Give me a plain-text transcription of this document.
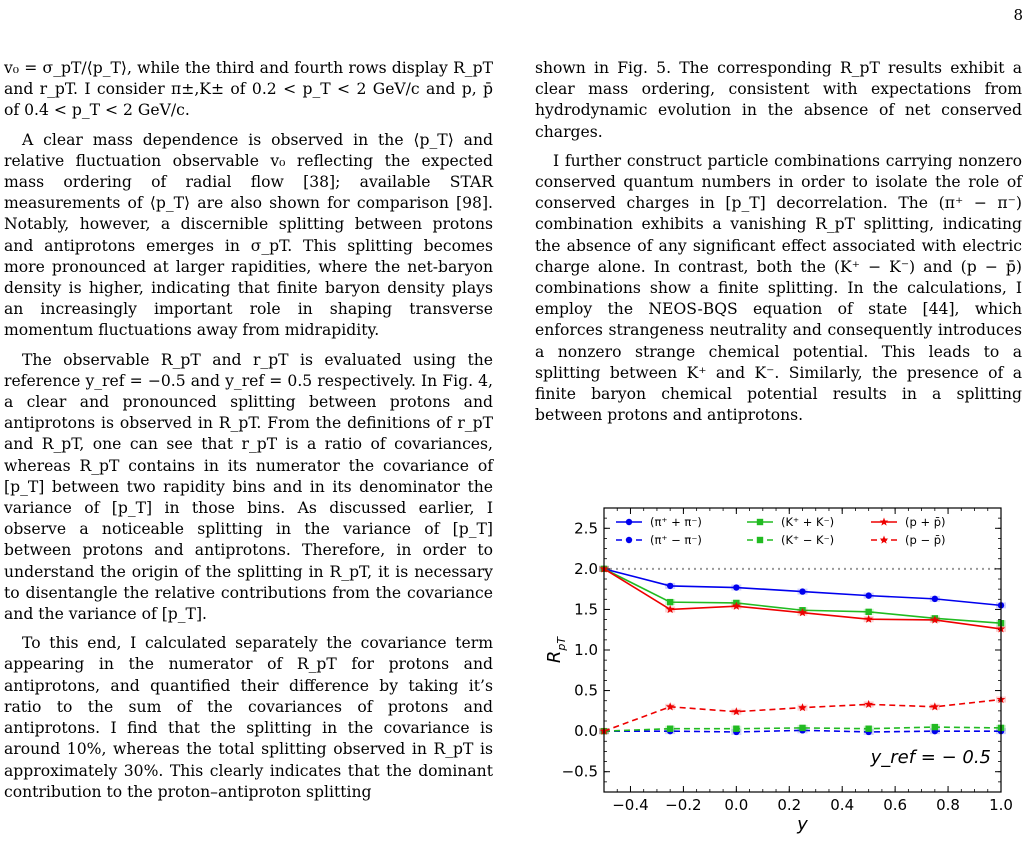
8

v₀ = σ_pT/⟨p_T⟩, while the third and fourth rows display R_pT and r_pT. I consider π±,K± of 0.2 < p_T < 2 GeV/c and p, p̄ of 0.4 < p_T < 2 GeV/c.

A clear mass dependence is observed in the ⟨p_T⟩ and relative fluctuation observable v₀ reflecting the expected mass ordering of radial flow [38]; available STAR measurements of ⟨p_T⟩ are also shown for comparison [98]. Notably, however, a discernible splitting between protons and antiprotons emerges in σ_pT. This splitting becomes more pronounced at larger rapidities, where the net-baryon density is higher, indicating that finite baryon density plays an increasingly important role in shaping transverse momentum fluctuations away from midrapidity.

The observable R_pT and r_pT is evaluated using the reference y_ref = −0.5 and y_ref = 0.5 respectively. In Fig. 4, a clear and pronounced splitting between protons and antiprotons is observed in R_pT. From the definitions of r_pT and R_pT, one can see that r_pT is a ratio of covariances, whereas R_pT contains in its numerator the covariance of [p_T] between two rapidity bins and in its denominator the variance of [p_T] in those bins. As discussed earlier, I observe a noticeable splitting in the variance of [p_T] between protons and antiprotons. Therefore, in order to understand the origin of the splitting in R_pT, it is necessary to disentangle the relative contributions from the covariance and the variance of [p_T].

To this end, I calculated separately the covariance term appearing in the numerator of R_pT for protons and antiprotons, and quantified their difference by taking it’s ratio to the sum of the covariances of protons and antiprotons. I find that the splitting in the covariance is around 10%, whereas the total splitting observed in R_pT is approximately 30%. This clearly indicates that the dominant contribution to the proton–antiproton splitting

shown in Fig. 5. The corresponding R_pT results exhibit a clear mass ordering, consistent with expectations from hydrodynamic evolution in the absence of net conserved charges.

I further construct particle combinations carrying nonzero conserved quantum numbers in order to isolate the role of conserved charges in [p_T] decorrelation. The (π⁺ − π⁻) combination exhibits a vanishing R_pT splitting, indicating the absence of any significant effect associated with electric charge alone. In contrast, both the (K⁺ − K⁻) and (p − p̄) combinations show a finite splitting. In the calculations, I employ the NEOS-BQS equation of state [44], which enforces strangeness neutrality and consequently introduces a nonzero strange chemical potential. This leads to a splitting between K⁺ and K⁻. Similarly, the presence of a finite baryon chemical potential results in a splitting between protons and antiprotons.

−0.4 −0.2 0.0 0.2 0.4 0.6 0.8 1.0
−0.5
0.0
0.5
1.0
1.5
2.0
2.5
y
$R_{pT}$
(π⁺ + π⁻)	(K⁺ + K⁻)	(p + p̄)
(π⁺ − π⁻)	(K⁺ − K⁻)	(p − p̄)
y_ref = − 0.5
